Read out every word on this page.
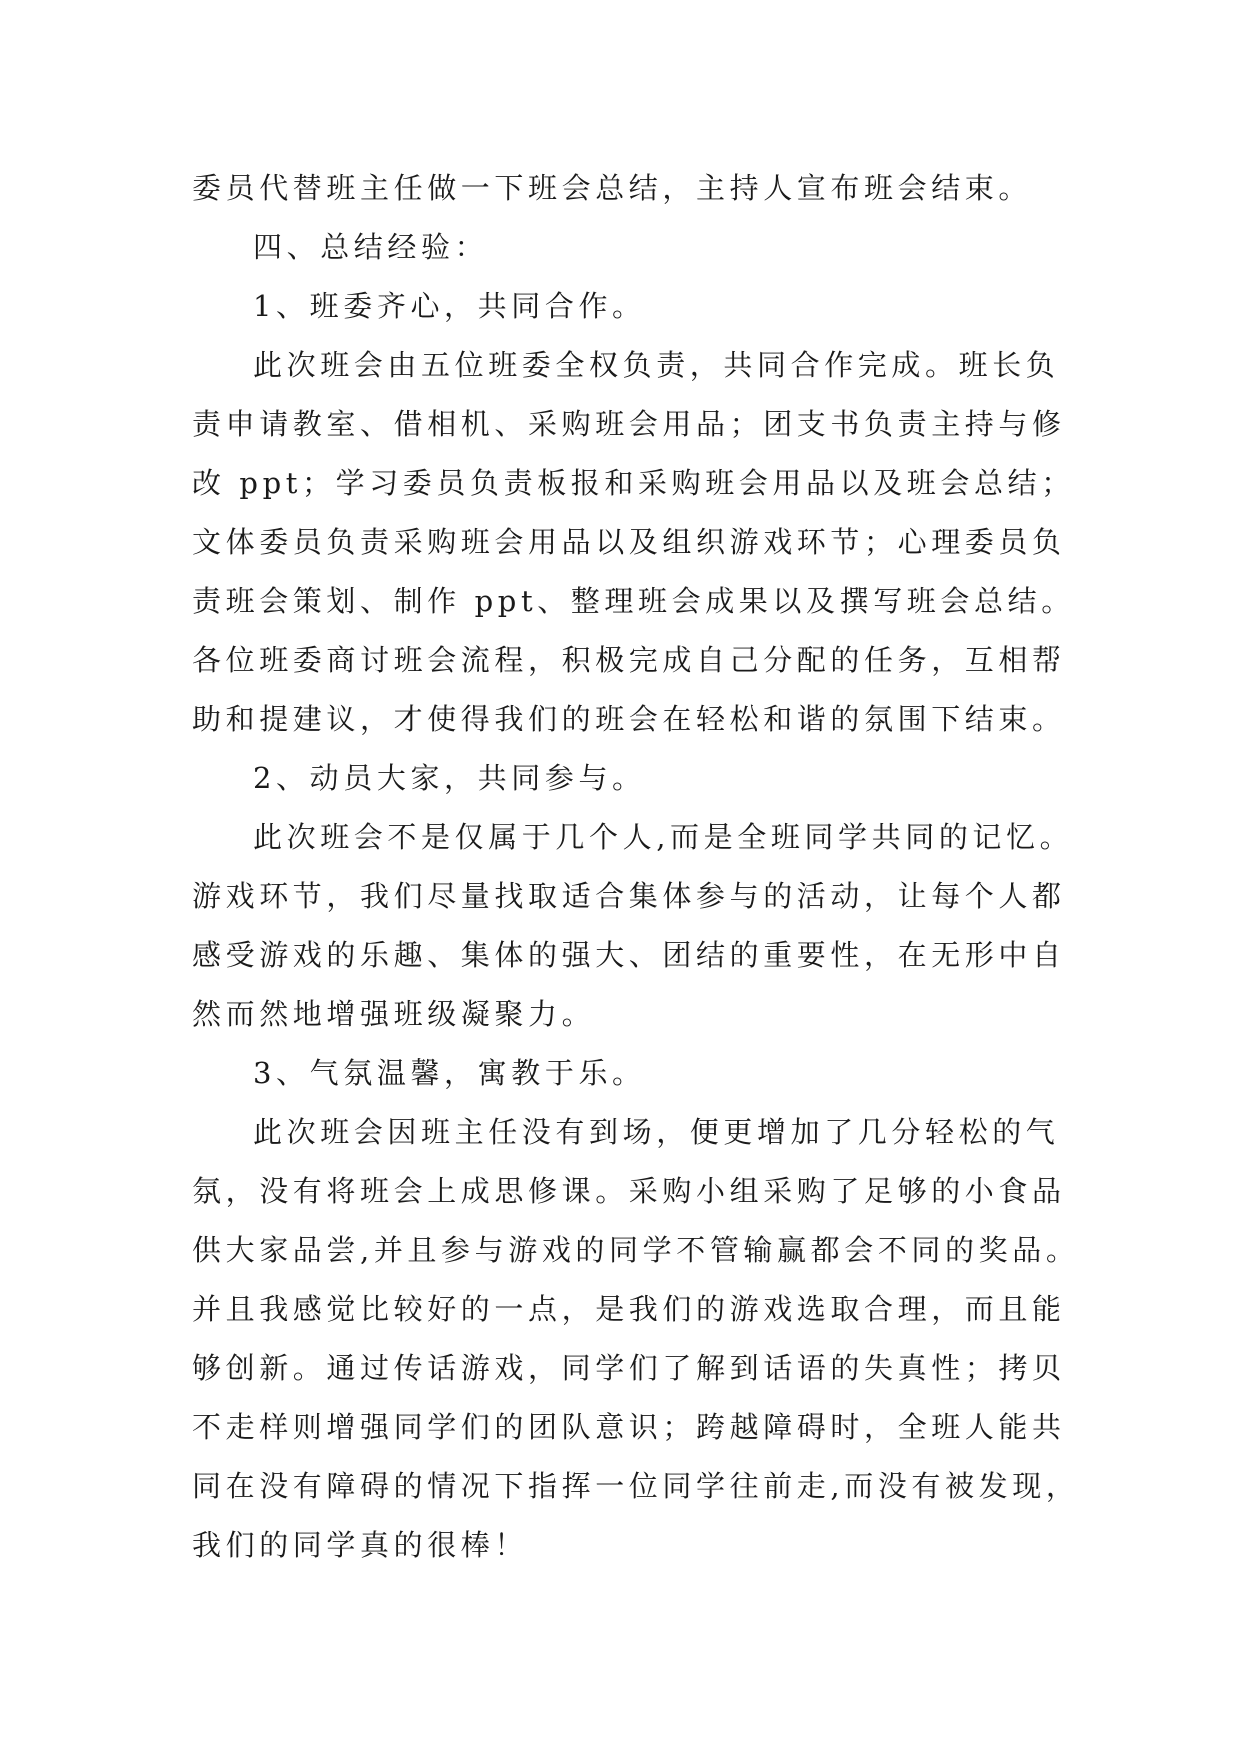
委员代替班主任做一下班会总结，主持人宣布班会结束。
四、总结经验：
1、班委齐心，共同合作。
此次班会由五位班委全权负责，共同合作完成。班长负
责申请教室、借相机、采购班会用品；团支书负责主持与修
改 ppt；学习委员负责板报和采购班会用品以及班会总结；
文体委员负责采购班会用品以及组织游戏环节；心理委员负
责班会策划、制作 ppt、整理班会成果以及撰写班会总结。
各位班委商讨班会流程，积极完成自己分配的任务，互相帮
助和提建议，才使得我们的班会在轻松和谐的氛围下结束。
2、动员大家，共同参与。
此次班会不是仅属于几个人,而是全班同学共同的记忆。
游戏环节，我们尽量找取适合集体参与的活动，让每个人都
感受游戏的乐趣、集体的强大、团结的重要性，在无形中自
然而然地增强班级凝聚力。
3、气氛温馨，寓教于乐。
此次班会因班主任没有到场，便更增加了几分轻松的气
氛，没有将班会上成思修课。采购小组采购了足够的小食品
供大家品尝,并且参与游戏的同学不管输赢都会不同的奖品。
并且我感觉比较好的一点，是我们的游戏选取合理，而且能
够创新。通过传话游戏，同学们了解到话语的失真性；拷贝
不走样则增强同学们的团队意识；跨越障碍时，全班人能共
同在没有障碍的情况下指挥一位同学往前走,而没有被发现，
我们的同学真的很棒！
